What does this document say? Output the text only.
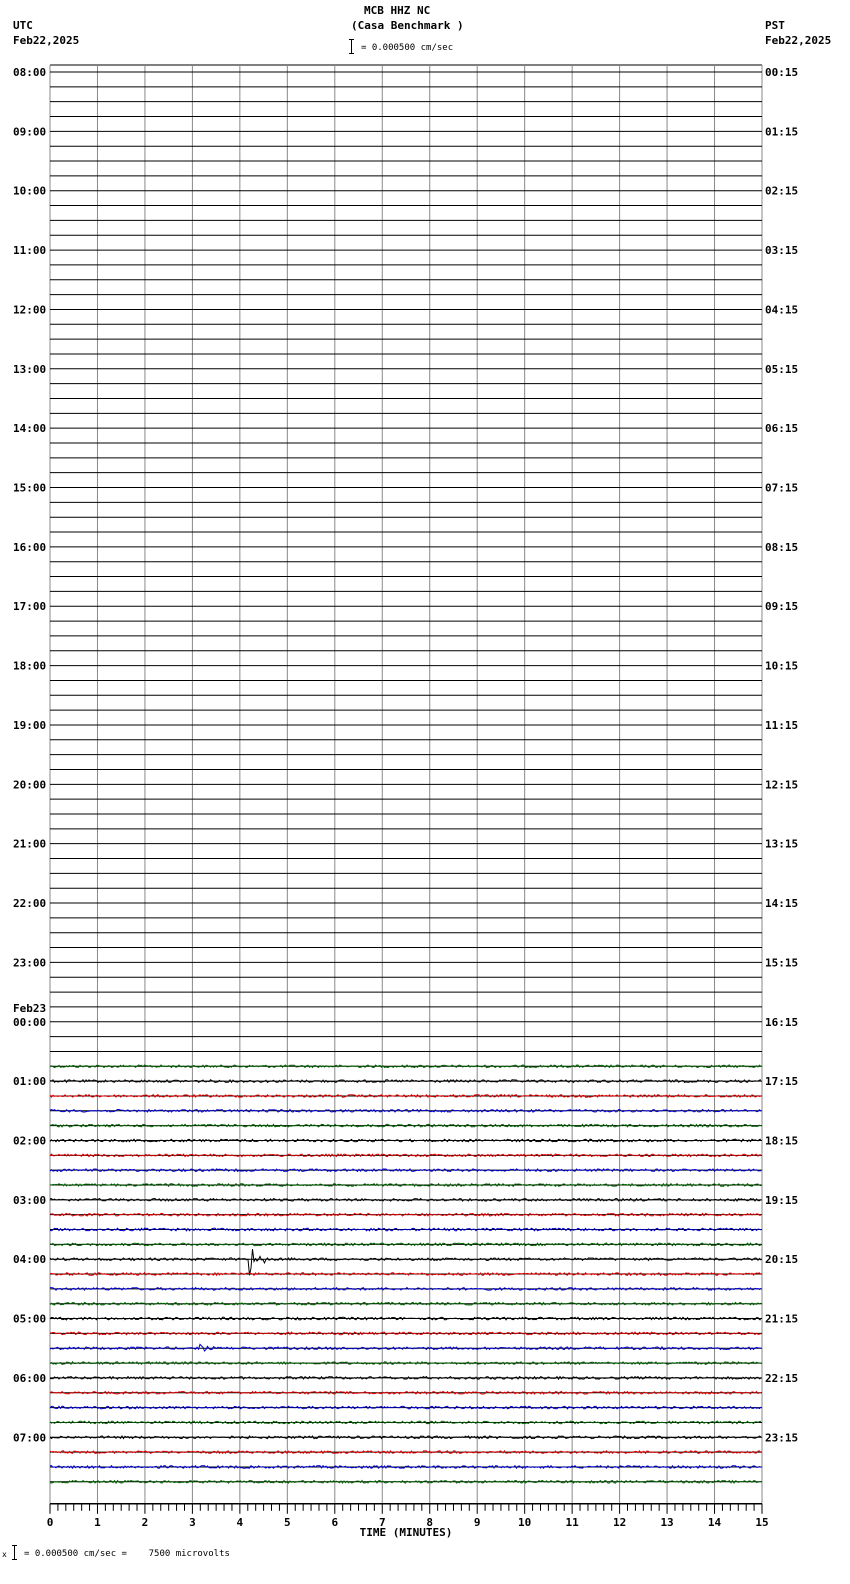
MCB HHZ NC
(Casa Benchmark )
UTC
Feb22,2025
PST
Feb22,2025
= 0.000500 cm/sec
08:00	00:15
09:00	01:15
10:00	02:15
11:00	03:15
12:00	04:15
13:00	05:15
14:00	06:15
15:00	07:15
16:00	08:15
17:00	09:15
18:00	10:15
19:00	11:15
20:00	12:15
21:00	13:15
22:00	14:15
23:00	15:15
00:00	16:15
Feb23
01:00	17:15
02:00	18:15
03:00	19:15
04:00	20:15
05:00	21:15
06:00	22:15
07:00	23:15
0	1	2	3	4	5	6	7	8	9	10	11	12	13	14	15
TIME (MINUTES)
x = 0.000500 cm/sec =    7500 microvolts
